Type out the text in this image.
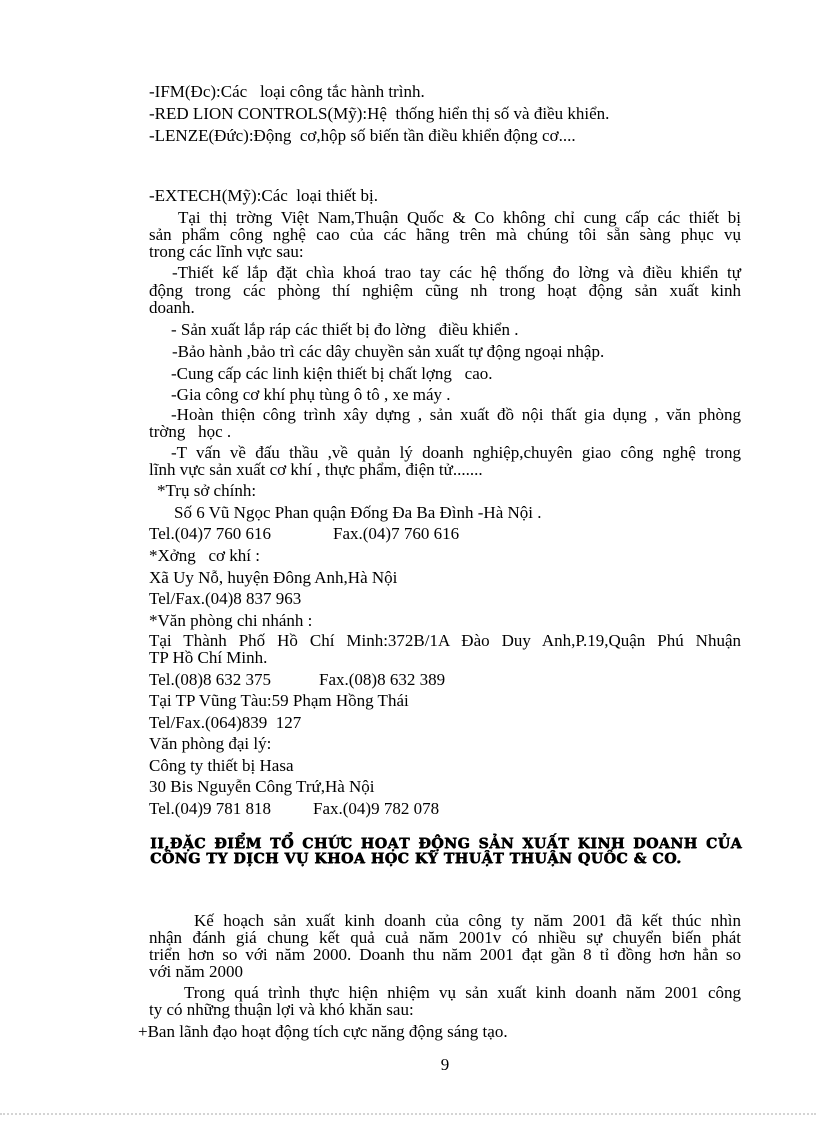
-IFM(Đc):Các   loại công tắc hành trình.
-RED LION CONTROLS(Mỹ):Hệ  thống hiển thị số và điều khiển.
-LENZE(Đức):Động  cơ,hộp số biến tần điều khiển động cơ....
-EXTECH(Mỹ):Các  loại thiết bị.
Tại thị trờng Việt Nam,Thuận Quốc & Co không chỉ cung cấp các thiết bị
sản phẩm công nghệ cao của các hãng trên mà chúng tôi sẵn sàng phục vụ
trong các lĩnh vực sau:
-Thiết kế lắp đặt chìa khoá trao tay các hệ thống đo lờng và điều khiển tự
động trong các phòng thí nghiệm cũng nh trong hoạt động sản xuất kinh
doanh.
- Sản xuất lắp ráp các thiết bị đo lờng   điều khiển .
-Bảo hành ,bảo trì các dây chuyền sản xuất tự động ngoại nhập.
-Cung cấp các linh kiện thiết bị chất lợng   cao.
-Gia công cơ khí phụ tùng ô tô , xe máy .
-Hoàn thiện công trình xây dựng , sản xuất đồ nội thất gia dụng , văn phòng
trờng   học .
-T vấn về đấu thầu ,về quản lý doanh nghiệp,chuyên giao công nghệ trong
lĩnh vực sản xuất cơ khí , thực phẩm, điện tử.......
*Trụ sở chính:
Số 6 Vũ Ngọc Phan quận Đống Đa Ba Đình -Hà Nội .
Tel.(04)7 760 616	Fax.(04)7 760 616
*Xởng   cơ khí :
Xã Uy Nỗ, huyện Đông Anh,Hà Nội
Tel/Fax.(04)8 837 963
*Văn phòng chi nhánh :
Tại Thành Phố Hồ Chí Minh:372B/1A Đào Duy Anh,P.19,Quận Phú Nhuận
TP Hồ Chí Minh.
Tel.(08)8 632 375	Fax.(08)8 632 389
Tại TP Vũng Tàu:59 Phạm Hồng Thái
Tel/Fax.(064)839  127
Văn phòng đại lý:
Công ty thiết bị Hasa
30 Bis Nguyễn Công Trứ,Hà Nội
Tel.(04)9 781 818 Fax.(04)9 782 078
II,ĐẶC ĐIỂM TỔ CHỨC HOẠT ĐỘNG SẢN XUẤT KINH DOANH CỦA
CÔNG TY DỊCH VỤ KHOA HỌC KỸ THUẬT THUẬN QUỐC & CO.
Kế hoạch sản xuất kinh doanh của công ty năm 2001 đã kết thúc nhìn
nhận đánh giá chung kết quả cuả năm 2001v có nhiều sự chuyển biến phát
triển hơn so với năm 2000. Doanh thu năm 2001 đạt gần 8 tỉ đồng hơn hẳn so
với năm 2000
Trong quá trình thực hiện nhiệm vụ sản xuất kinh doanh năm 2001 công
ty có những thuận lợi và khó khăn sau:
+Ban lãnh đạo hoạt động tích cực năng động sáng tạo.
9
